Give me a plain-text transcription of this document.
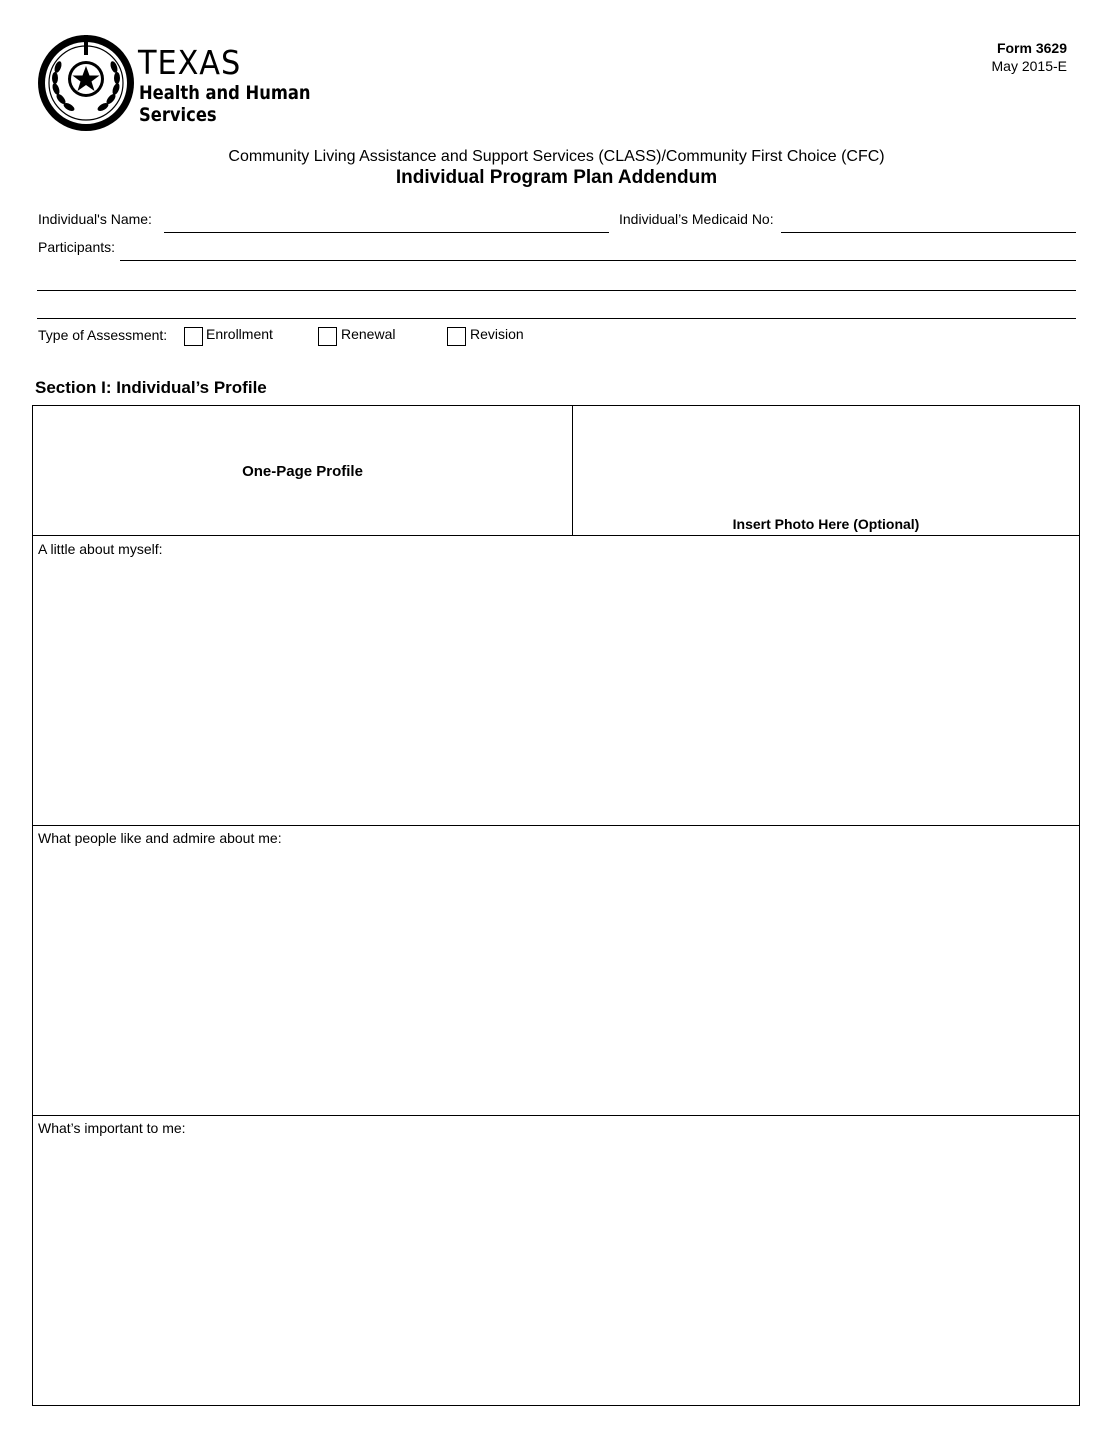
TEXAS
Health and Human
Services
Form 3629
May 2015-E
Community Living Assistance and Support Services (CLASS)/Community First Choice (CFC)
Individual Program Plan Addendum
Individual's Name:	Individual’s Medicaid No:
Participants:
Type of Assessment:	Enrollment	Renewal	Revision
Section I: Individual’s Profile
One-Page Profile
Insert Photo Here (Optional)
A little about myself:
What people like and admire about me:
What’s important to me:
